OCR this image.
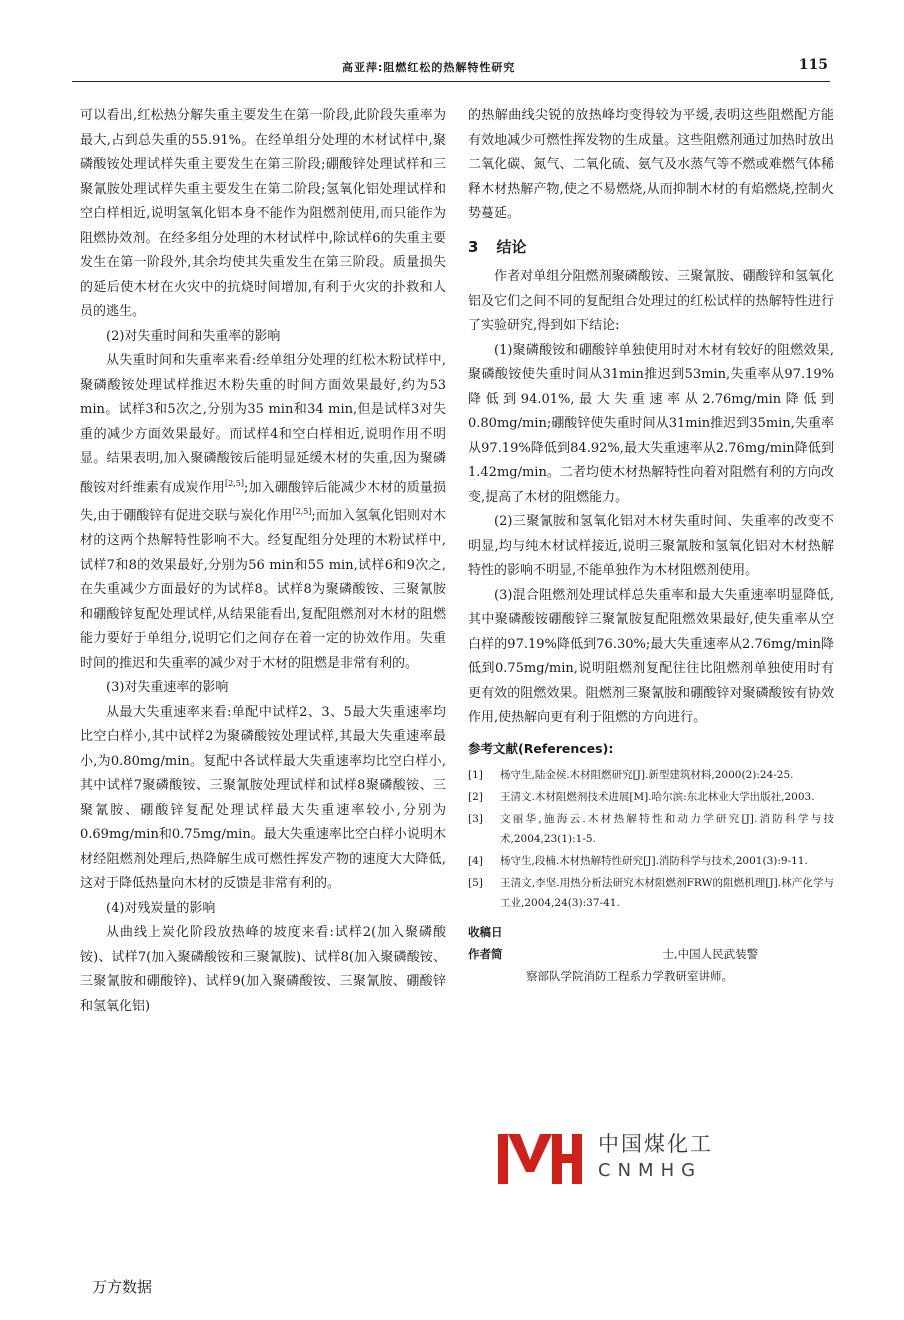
高亚萍:阻燃红松的热解特性研究	115

可以看出,红松热分解失重主要发生在第一阶段,此阶段失重率为最大,占到总失重的55.91%。在经单组分处理的木材试样中,聚磷酸铵处理试样失重主要发生在第三阶段;硼酸锌处理试样和三聚氰胺处理试样失重主要发生在第二阶段;氢氧化铝处理试样和空白样相近,说明氢氧化铝本身不能作为阻燃剂使用,而只能作为阻燃协效剂。在经多组分处理的木材试样中,除试样6的失重主要发生在第一阶段外,其余均使其失重发生在第三阶段。质量损失的延后使木材在火灾中的抗烧时间增加,有利于火灾的扑救和人员的逃生。

(2)对失重时间和失重率的影响

从失重时间和失重率来看:经单组分处理的红松木粉试样中,聚磷酸铵处理试样推迟木粉失重的时间方面效果最好,约为53 min。试样3和5次之,分别为35 min和34 min,但是试样3对失重的减少方面效果最好。而试样4和空白样相近,说明作用不明显。结果表明,加入聚磷酸铵后能明显延缓木材的失重,因为聚磷酸铵对纤维素有成炭作用[2,5];加入硼酸锌后能减少木材的质量损失,由于硼酸锌有促进交联与炭化作用[2,5];而加入氢氧化铝则对木材的这两个热解特性影响不大。经复配组分处理的木粉试样中,试样7和8的效果最好,分别为56 min和55 min,试样6和9次之,在失重减少方面最好的为试样8。试样8为聚磷酸铵、三聚氰胺和硼酸锌复配处理试样,从结果能看出,复配阻燃剂对木材的阻燃能力要好于单组分,说明它们之间存在着一定的协效作用。失重时间的推迟和失重率的减少对于木材的阻燃是非常有利的。

(3)对失重速率的影响

从最大失重速率来看:单配中试样2、3、5最大失重速率均比空白样小,其中试样2为聚磷酸铵处理试样,其最大失重速率最小,为0.80mg/min。复配中各试样最大失重速率均比空白样小,其中试样7聚磷酸铵、三聚氰胺处理试样和试样8聚磷酸铵、三聚氰胺、硼酸锌复配处理试样最大失重速率较小,分别为0.69mg/min和0.75mg/min。最大失重速率比空白样小说明木材经阻燃剂处理后,热降解生成可燃性挥发产物的速度大大降低,这对于降低热量向木材的反馈是非常有利的。

(4)对残炭量的影响

从曲线上炭化阶段放热峰的坡度来看:试样2(加入聚磷酸铵)、试样7(加入聚磷酸铵和三聚氰胺)、试样8(加入聚磷酸铵、三聚氰胺和硼酸锌)、试样9(加入聚磷酸铵、三聚氰胺、硼酸锌和氢氧化铝)

的热解曲线尖锐的放热峰均变得较为平缓,表明这些阻燃配方能有效地减少可燃性挥发物的生成量。这些阻燃剂通过加热时放出二氧化碳、氮气、二氧化硫、氨气及水蒸气等不燃或难燃气体稀释木材热解产物,使之不易燃烧,从而抑制木材的有焰燃烧,控制火势蔓延。

3 结论

作者对单组分阻燃剂聚磷酸铵、三聚氰胺、硼酸锌和氢氧化铝及它们之间不同的复配组合处理过的红松试样的热解特性进行了实验研究,得到如下结论:

(1)聚磷酸铵和硼酸锌单独使用时对木材有较好的阻燃效果,聚磷酸铵使失重时间从31min推迟到53min,失重率从97.19%降低到94.01%,最大失重速率从2.76mg/min降低到0.80mg/min;硼酸锌使失重时间从31min推迟到35min,失重率从97.19%降低到84.92%,最大失重速率从2.76mg/min降低到1.42mg/min。二者均使木材热解特性向着对阻燃有利的方向改变,提高了木材的阻燃能力。

(2)三聚氰胺和氢氧化铝对木材失重时间、失重率的改变不明显,均与纯木材试样接近,说明三聚氰胺和氢氧化铝对木材热解特性的影响不明显,不能单独作为木材阻燃剂使用。

(3)混合阻燃剂处理试样总失重率和最大失重速率明显降低,其中聚磷酸铵硼酸锌三聚氰胺复配阻燃效果最好,使失重率从空白样的97.19%降低到76.30%;最大失重速率从2.76mg/min降低到0.75mg/min,说明阻燃剂复配往往比阻燃剂单独使用时有更有效的阻燃效果。阻燃剂三聚氰胺和硼酸锌对聚磷酸铵有协效作用,使热解向更有利于阻燃的方向进行。

参考文献(References):
[1]	杨守生,陆金侯.木材阻燃研究[J].新型建筑材料,2000(2):24-25.
[2]	王清文.木材阻燃剂技术进展[M].哈尔滨:东北林业大学出版社,2003.
[3]	文丽华,施海云.木材热解特性和动力学研究[J].消防科学与技术,2004,23(1):1-5.
[4]	杨守生,段楠.木材热解特性研究[J].消防科学与技术,2001(3):9-11.
[5]	王清文,李坚.用热分析法研究木材阻燃剂FRW的阻燃机理[J].林产化学与工业,2004,24(3):37-41.
收稿日
作者简	士,中国人民武装警
察部队学院消防工程系力学教研室讲师。
中国煤化工
CNMHG
万方数据
